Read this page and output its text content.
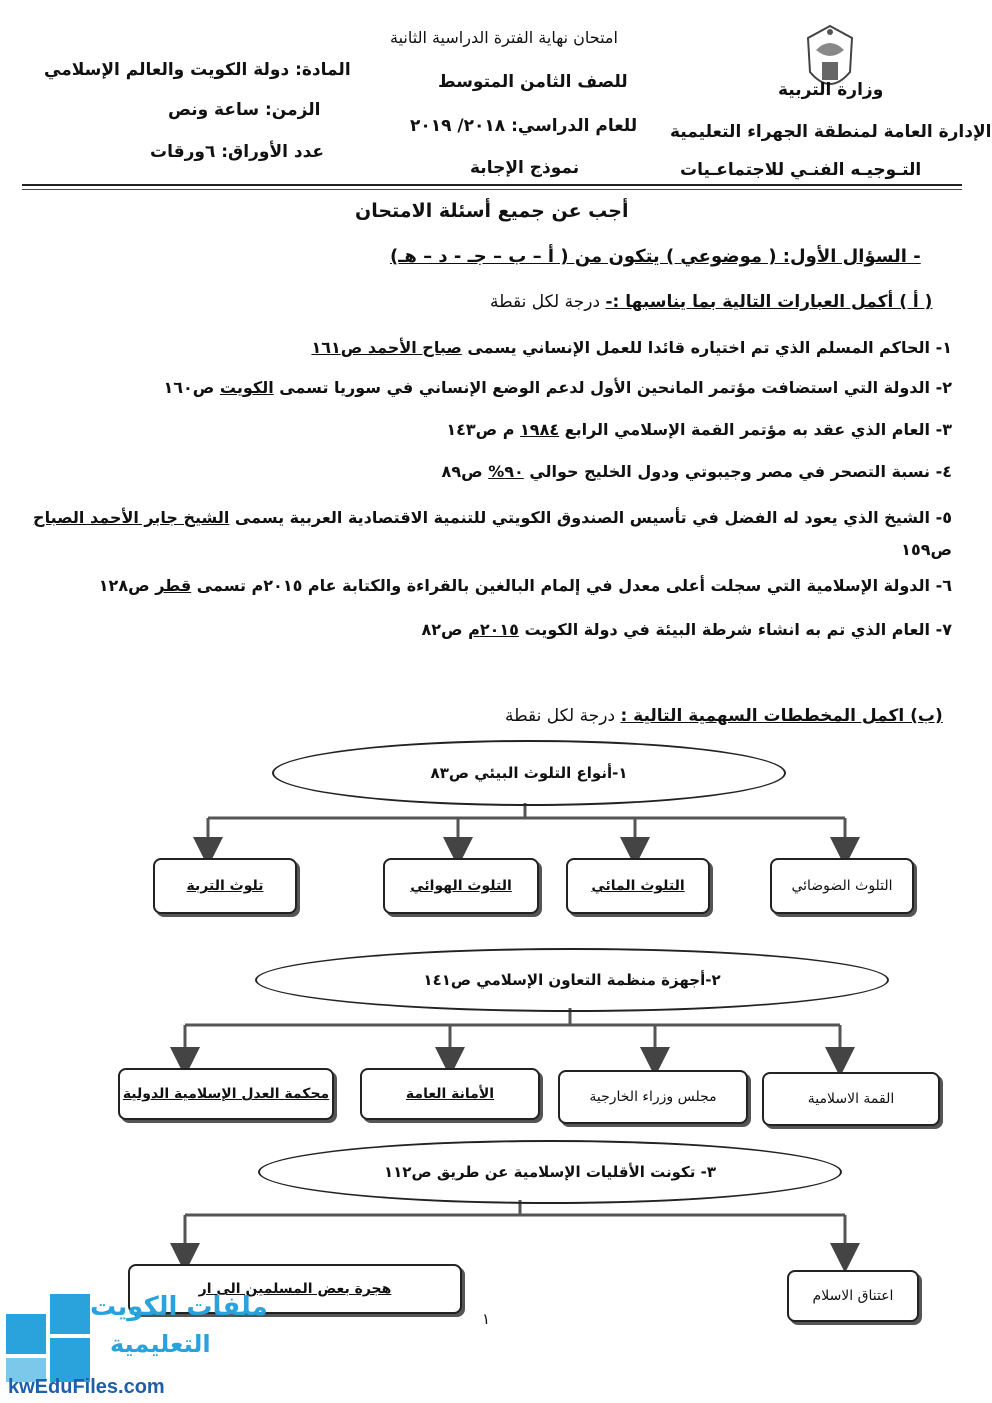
امتحان نهاية الفترة الدراسية الثانية
للصف الثامن المتوسط
للعام الدراسي: ٢٠١٨/ ٢٠١٩
نموذج الإجابة
وزارة التربية
الإدارة العامة لمنطقة الجهراء التعليمية
التـوجيـه الفنـي للاجتماعـيات
المادة: دولة الكويت والعالم الإسلامي
الزمن: ساعة ونص
عدد الأوراق: ٦ورقات
أجب عن جميع أسئلة الامتحان
- السؤال الأول: ( موضوعي ) يتكون من ( أ – ب – جـ - د – هـ)
( أ ) أكمل العبارات التالية بما يناسبها :- درجة لكل نقطة
١- الحاكم المسلم الذي تم اختياره قائدا للعمل الإنساني يسمى صباح الأحمد ص١٦١
٢- الدولة التي استضافت مؤتمر المانحين الأول لدعم الوضع الإنساني في سوريا تسمى الكويت ص١٦٠
٣- العام الذي عقد به مؤتمر القمة الإسلامي الرابع ١٩٨٤ م ص١٤٣
٤- نسبة التصحر في مصر وجيبوتي ودول الخليج حوالي ٩٠% ص٨٩
٥- الشيخ الذي يعود له الفضل في تأسيس الصندوق الكويتي للتنمية الاقتصادية العربية يسمى الشيخ جابر الأحمد الصباح
ص١٥٩
٦- الدولة الإسلامية التي سجلت أعلى معدل في إلمام البالغين بالقراءة والكتابة عام ٢٠١٥م تسمى قطر ص١٢٨
٧- العام الذي تم به انشاء شرطة البيئة في دولة الكويت ٢٠١٥م ص٨٢
(ب) اكمل المخططات السهمية التالية : درجة لكل نقطة
١-أنواع التلوث البيئي ص٨٣
التلوث الضوضائي
التلوث المائي
التلوث الهوائي
تلوث التربة
٢-أجهزة منظمة التعاون الإسلامي ص١٤١
القمة الاسلامية
مجلس وزراء الخارجية
الأمانة العامة
محكمة العدل الإسلامية الدولية
٣- تكونت الأقليات الإسلامية عن طريق ص١١٢
اعتناق الاسلام
هجرة بعض المسلمين الى ار
١
ملفات الكويت
التعليمية
kwEduFiles.com
